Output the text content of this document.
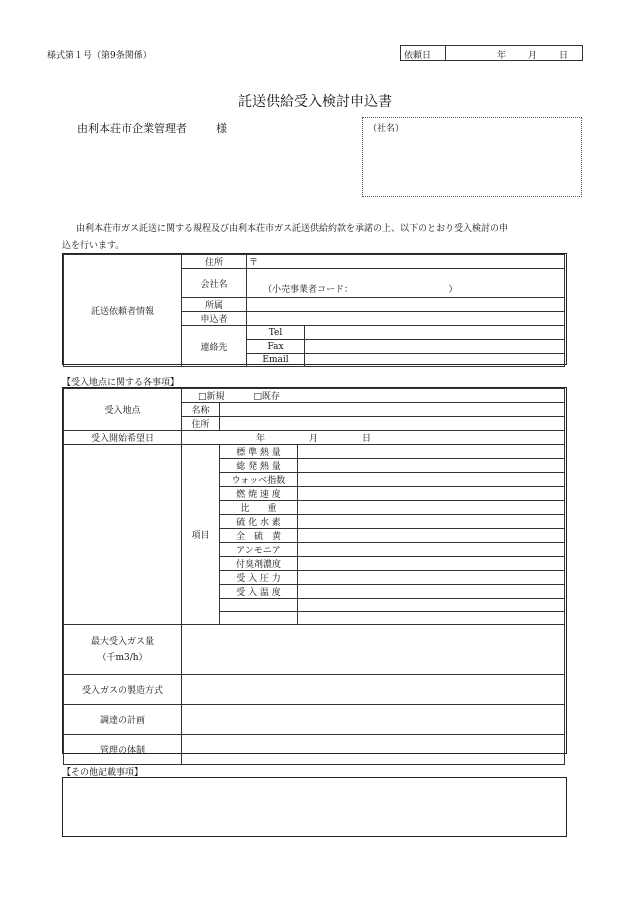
様式第１号（第9条関係）	依頼日	年 月 日
託送供給受入検討申込書
由利本荘市企業管理者	様	（社名）
由利本荘市ガス託送に関する規程及び由利本荘市ガス託送供給約款を承諾の上、以下のとおり受入検討の申
込を行います。
託送依頼者情報	住所	〒	
	会社名	（小売事業者コード： ）	
	所属		
	申込者		
	連絡先	Tel	
		Fax	
		Email	
【受入地点に関する各事項】
受入地点	□新規 □既存		
	名称		
	住所		
受入開始希望日	年 月 日		
	項目	標 準 熱 量	
		総 発 熱 量	
		ウォッベ指数	
		燃 焼 速 度	
		比　　重	
		硫 化 水 素	
		全　硫　黄	
		アンモニア	
		付臭剤濃度	
		受 入 圧 力	
		受 入 温 度	

最大受入ガス量
（千m3/h）			

受入ガスの製造方式			
調達の計画			
管理の体制			
【その他記載事項】
